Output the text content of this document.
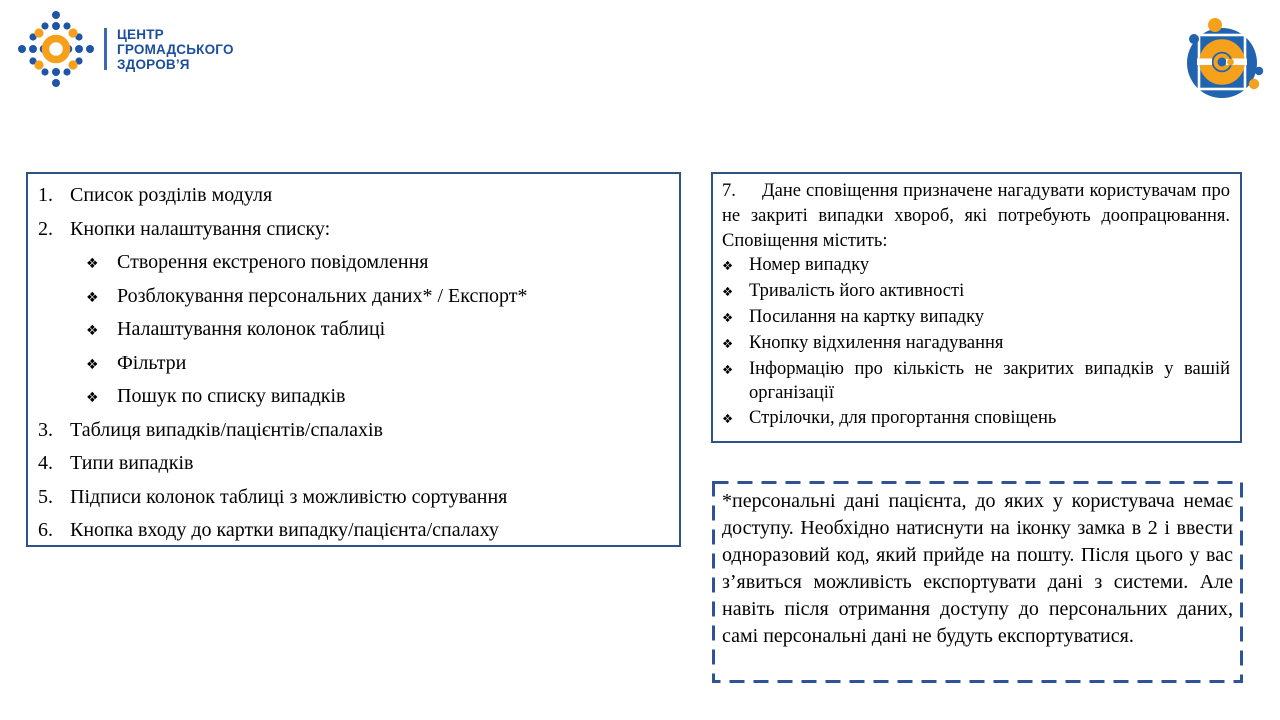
ЦЕНТР
ГРОМАДСЬКОГО
ЗДОРОВ’Я
1. Список розділів модуля
2. Кнопки налаштування списку:
❖ Створення екстреного повідомлення
❖ Розблокування персональних даних* / Експорт*
❖ Налаштування колонок таблиці
❖ Фільтри
❖ Пошук по списку випадків
3. Таблиця випадків/пацієнтів/спалахів
4. Типи випадків
5. Підписи колонок таблиці з можливістю сортування
6. Кнопка входу до картки випадку/пацієнта/спалаху

7. Дане сповіщення призначене нагадувати користувачам про не закриті випадки хвороб, які потребують доопрацювання. Сповіщення містить:

❖ Номер випадку
❖ Тривалість його активності
❖ Посилання на картку випадку
❖ Кнопку відхилення нагадування
❖ Інформацію про кількість не закритих випадків у вашій організації
❖ Стрілочки, для прогортання сповіщень
*персональні дані пацієнта, до яких у користувача немає доступу. Необхідно натиснути на іконку замка в 2 і ввести одноразовий код, який прийде на пошту. Після цього у вас з’явиться можливість експортувати дані з системи. Але навіть після отримання доступу до персональних даних, самі персональні дані не будуть експортуватися.
